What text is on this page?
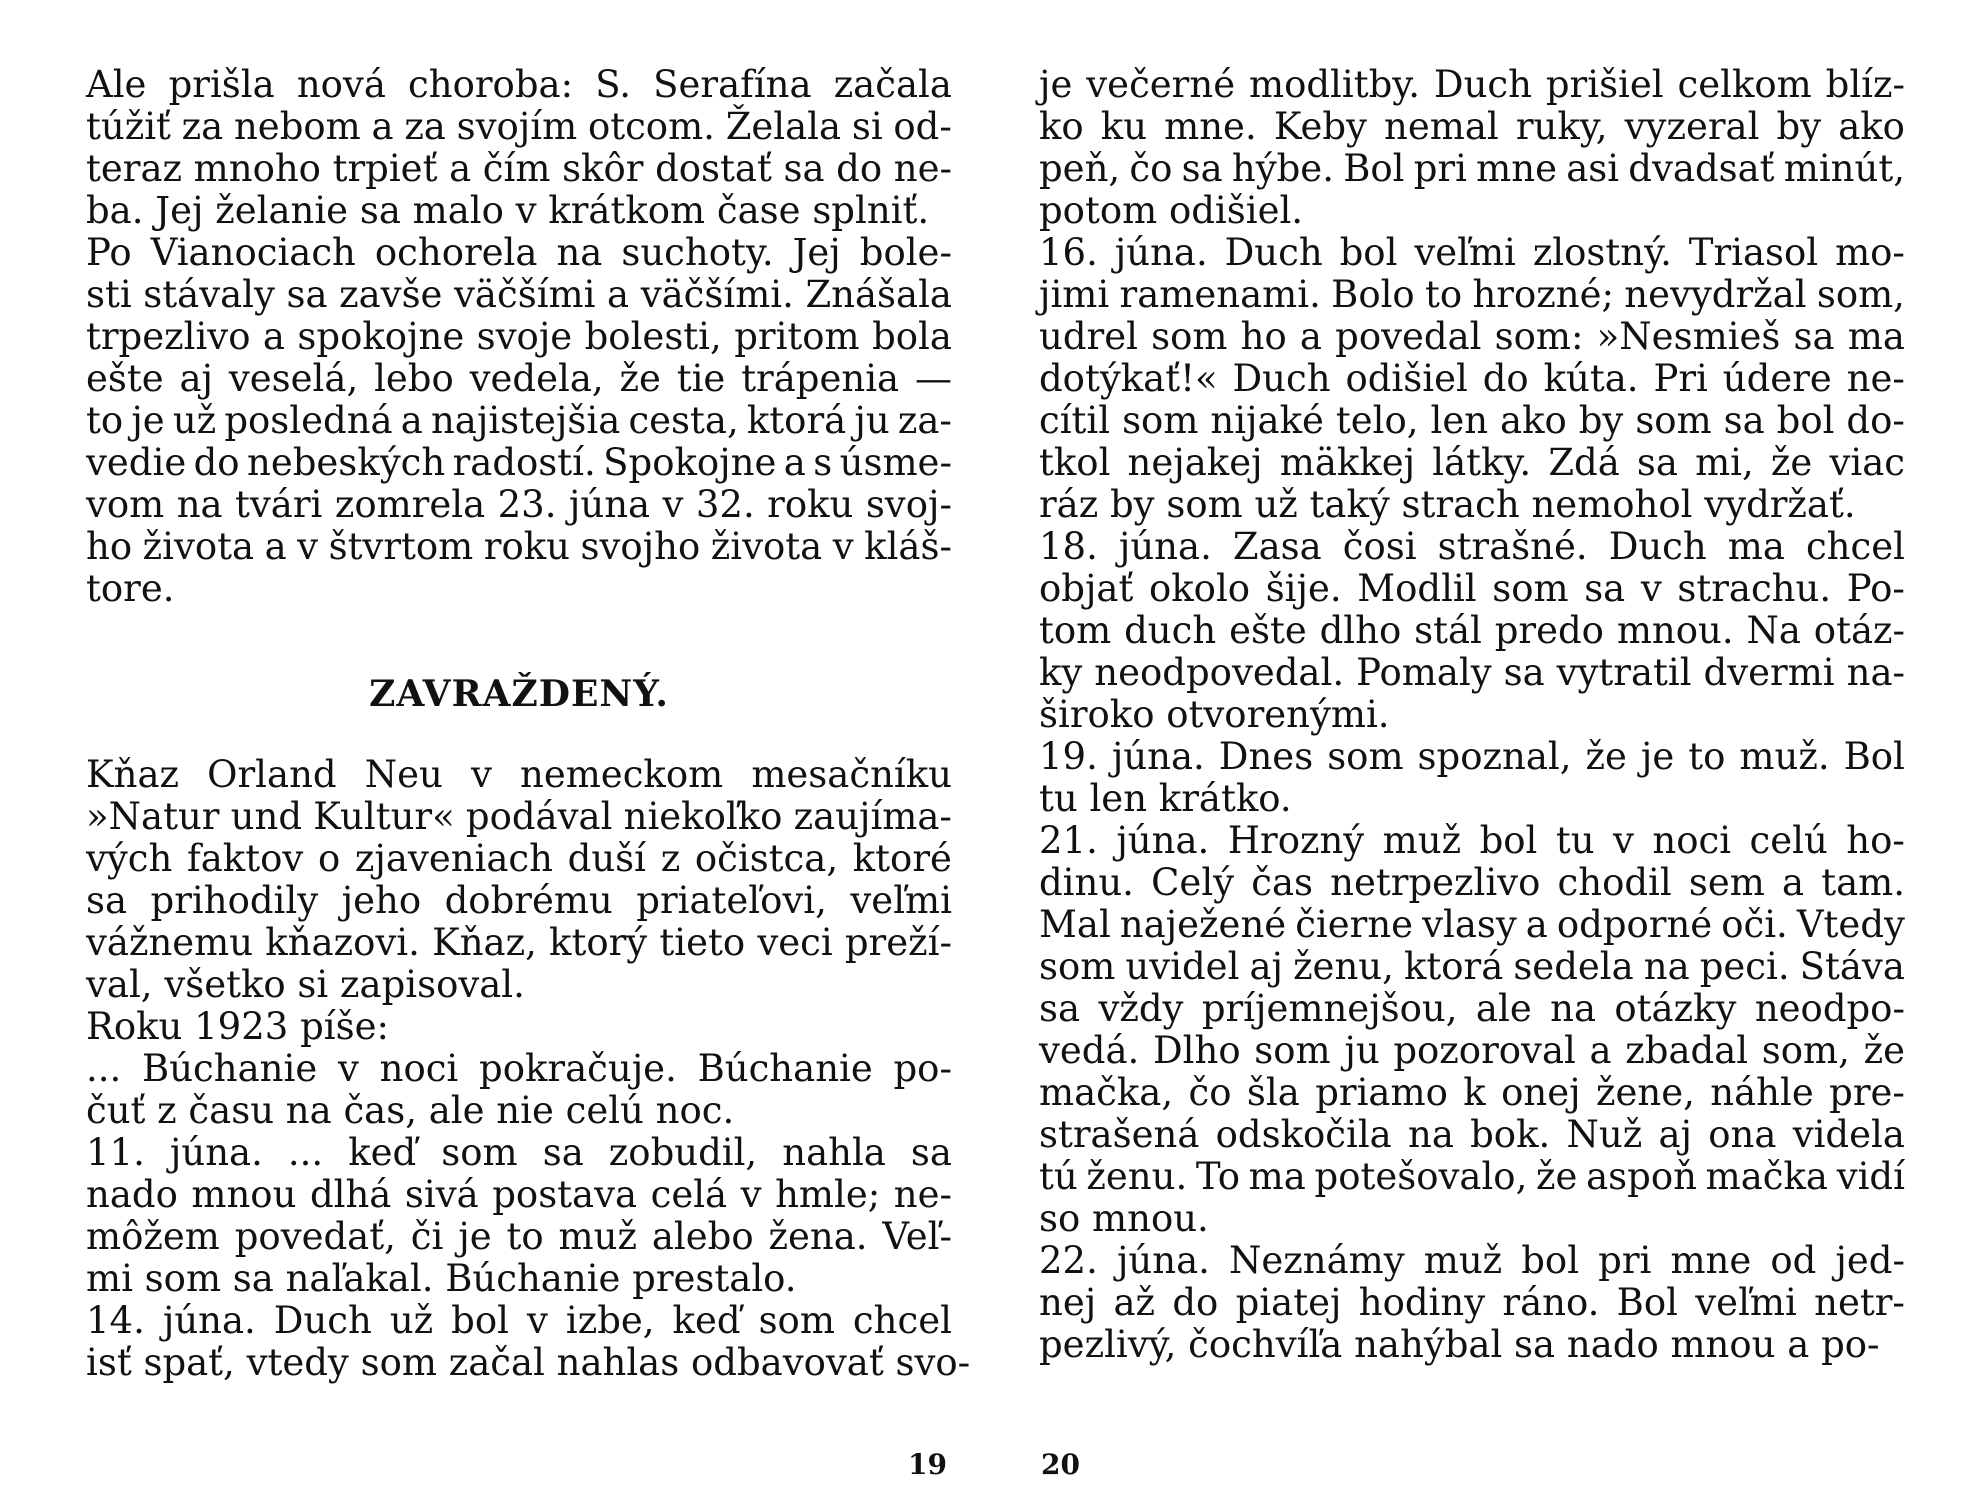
Ale prišla nová choroba: S. Serafína začala
túžiť za nebom a za svojím otcom. Želala si od-
teraz mnoho trpieť a čím skôr dostať sa do ne-
ba. Jej želanie sa malo v krátkom čase splniť.
Po Vianociach ochorela na suchoty. Jej bole-
sti stávaly sa zavše väčšími a väčšími. Znášala
trpezlivo a spokojne svoje bolesti, pritom bola
ešte aj veselá, lebo vedela, že tie trápenia —
to je už posledná a najistejšia cesta, ktorá ju za-
vedie do nebeských radostí. Spokojne a s úsme-
vom na tvári zomrela 23. júna v 32. roku svoj-
ho života a v štvrtom roku svojho života v kláš-
tore.
ZAVRAŽDENÝ.
Kňaz Orland Neu v nemeckom mesačníku
»Natur und Kultur« podával niekoľko zaujíma-
vých faktov o zjaveniach duší z očistca, ktoré
sa prihodily jeho dobrému priateľovi, veľmi
vážnemu kňazovi. Kňaz, ktorý tieto veci preží-
val, všetko si zapisoval.
Roku 1923 píše:
... Búchanie v noci pokračuje. Búchanie po-
čuť z času na čas, ale nie celú noc.
11. júna. ... keď som sa zobudil, nahla sa
nado mnou dlhá sivá postava celá v hmle; ne-
môžem povedať, či je to muž alebo žena. Veľ-
mi som sa naľakal. Búchanie prestalo.
14. júna. Duch už bol v izbe, keď som chcel
isť spať, vtedy som začal nahlas odbavovať svo-
19
je večerné modlitby. Duch prišiel celkom blíz-
ko ku mne. Keby nemal ruky, vyzeral by ako
peň, čo sa hýbe. Bol pri mne asi dvadsať minút,
potom odišiel.
16. júna. Duch bol veľmi zlostný. Triasol mo-
jimi ramenami. Bolo to hrozné; nevydržal som,
udrel som ho a povedal som: »Nesmieš sa ma
dotýkať!« Duch odišiel do kúta. Pri údere ne-
cítil som nijaké telo, len ako by som sa bol do-
tkol nejakej mäkkej látky. Zdá sa mi, že viac
ráz by som už taký strach nemohol vydržať.
18. júna. Zasa čosi strašné. Duch ma chcel
objať okolo šije. Modlil som sa v strachu. Po-
tom duch ešte dlho stál predo mnou. Na otáz-
ky neodpovedal. Pomaly sa vytratil dvermi na-
široko otvorenými.
19. júna. Dnes som spoznal, že je to muž. Bol
tu len krátko.
21. júna. Hrozný muž bol tu v noci celú ho-
dinu. Celý čas netrpezlivo chodil sem a tam.
Mal naježené čierne vlasy a odporné oči. Vtedy
som uvidel aj ženu, ktorá sedela na peci. Stáva
sa vždy príjemnejšou, ale na otázky neodpo-
vedá. Dlho som ju pozoroval a zbadal som, že
mačka, čo šla priamo k onej žene, náhle pre-
strašená odskočila na bok. Nuž aj ona videla
tú ženu. To ma potešovalo, že aspoň mačka vidí
so mnou.
22. júna. Neznámy muž bol pri mne od jed-
nej až do piatej hodiny ráno. Bol veľmi netr-
pezlivý, čochvíľa nahýbal sa nado mnou a po-
20
